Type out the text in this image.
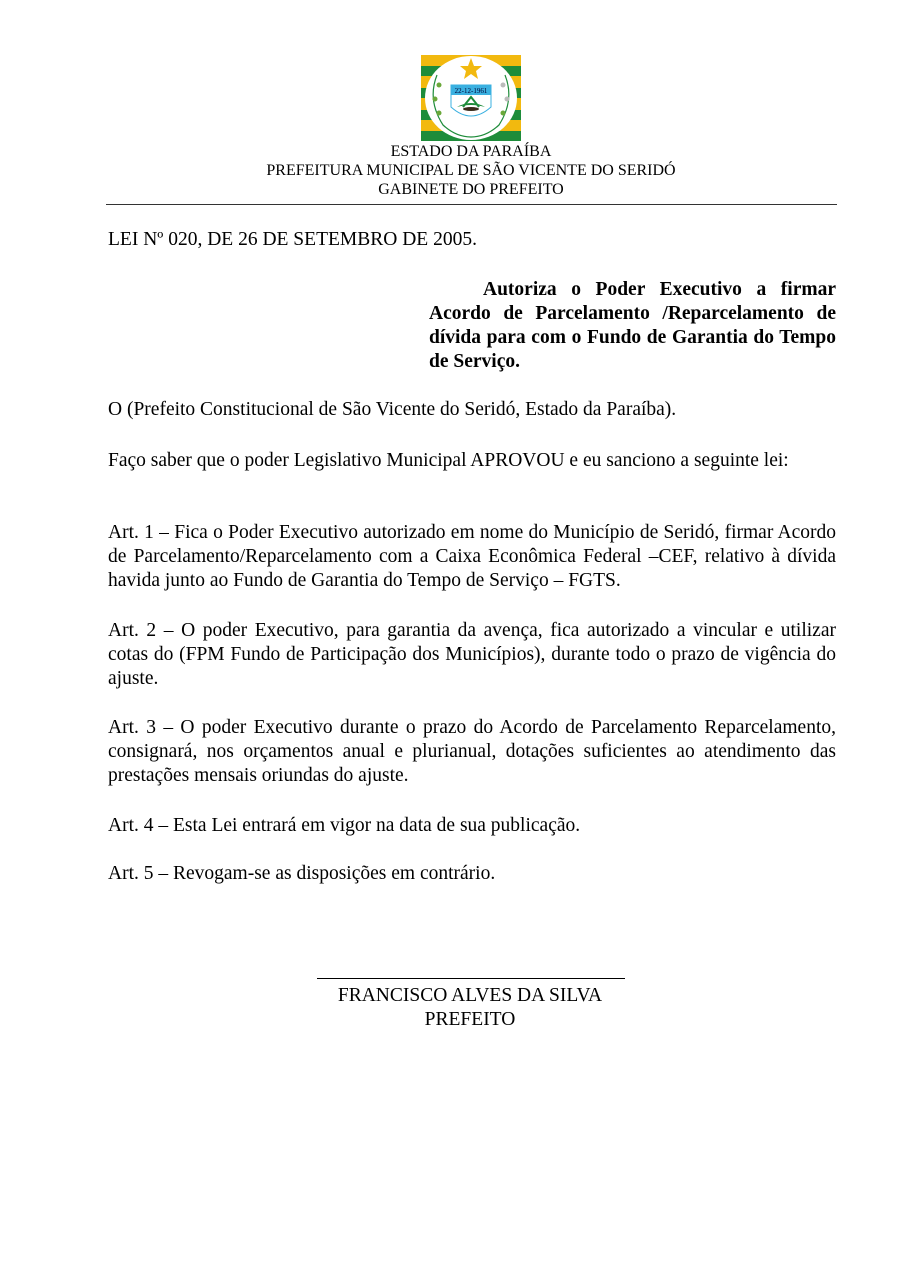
22-12-1961
ESTADO DA PARAÍBA
PREFEITURA MUNICIPAL DE SÃO VICENTE DO SERIDÓ
GABINETE DO PREFEITO
LEI Nº 020, DE 26 DE SETEMBRO DE 2005.
Autoriza o Poder Executivo a firmar Acordo de Parcelamento /Reparcelamento de dívida para com o Fundo de Garantia do Tempo de Serviço.
O (Prefeito Constitucional de São Vicente do Seridó, Estado da Paraíba).
Faço saber que o poder Legislativo Municipal APROVOU e eu sanciono a seguinte lei:
Art. 1 – Fica o Poder Executivo autorizado em nome do Município de Seridó, firmar Acordo de Parcelamento/Reparcelamento com a Caixa Econômica Federal –CEF, relativo à dívida havida junto ao Fundo de Garantia do Tempo de Serviço – FGTS.
Art. 2 – O poder Executivo, para garantia da avença, fica autorizado a vincular e utilizar cotas do (FPM Fundo de Participação dos Municípios), durante todo o prazo de vigência do ajuste.
Art. 3 – O poder Executivo durante o prazo do Acordo de Parcelamento Reparcelamento, consignará, nos orçamentos anual e plurianual, dotações suficientes ao atendimento das prestações mensais oriundas do ajuste.
Art. 4 – Esta Lei entrará em vigor na data de sua publicação.
Art. 5 – Revogam-se as disposições em contrário.
FRANCISCO ALVES DA SILVA
PREFEITO
